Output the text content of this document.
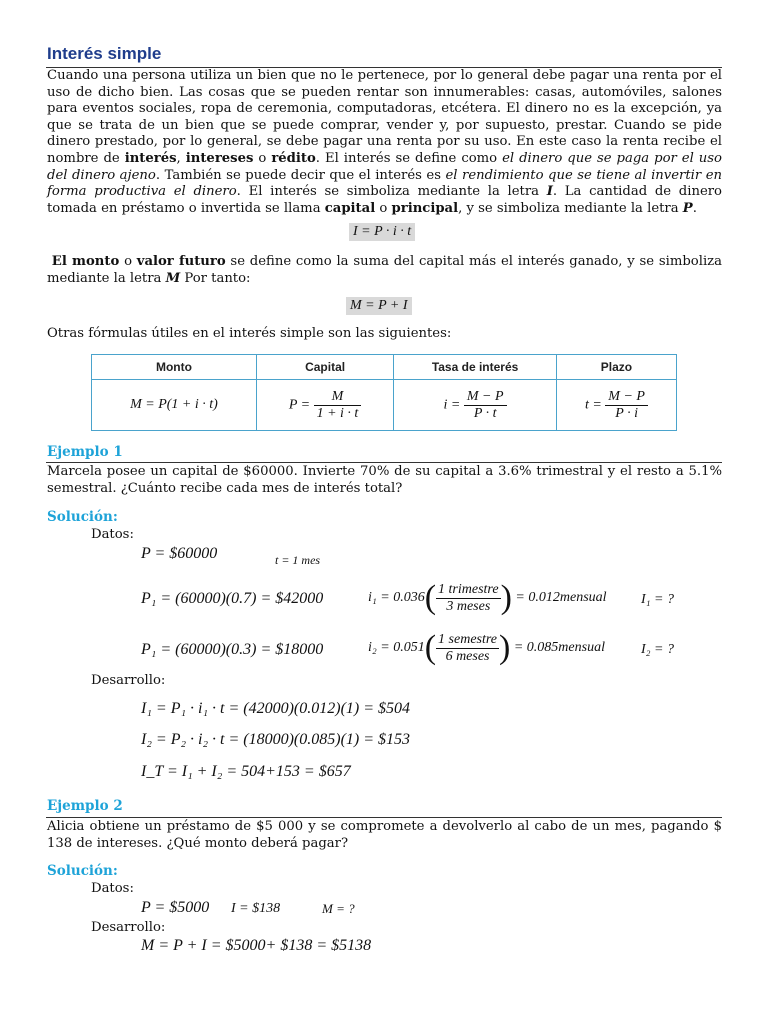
Interés simple

Cuando una persona utiliza un bien que no le pertenece, por lo general debe pagar una renta por el uso de dicho bien. Las cosas que se pueden rentar son innumerables: casas, automóviles, salones para eventos sociales, ropa de ceremonia, computadoras, etcétera. El dinero no es la excepción, ya que se trata de un bien que se puede comprar, vender y, por supuesto, prestar. Cuando se pide dinero prestado, por lo general, se debe pagar una renta por su uso. En este caso la renta recibe el nombre de interés, intereses o rédito. El interés se define como el dinero que se paga por el uso del dinero ajeno. También se puede decir que el interés es el rendimiento que se tiene al invertir en forma productiva el dinero. El interés se simboliza mediante la letra I. La cantidad de dinero tomada en préstamo o invertida se llama capital o principal, y se simboliza mediante la letra P.

I = P · i · t

El monto o valor futuro se define como la suma del capital más el interés ganado, y se simboliza mediante la letra M Por tanto:

M = P + I
Otras fórmulas útiles en el interés simple son las siguientes:
Monto	Capital	Tasa de interés	Plazo
M = P(1 + i · t)	$P = \frac{M}{1 + i \cdot t}$	$i = \frac{M - P}{P \cdot t}$	$t = \frac{M - P}{P \cdot i}$
Ejemplo 1
Marcela posee un capital de $60000. Invierte 70% de su capital a 3.6% trimestral y el resto a 5.1% semestral. ¿Cuánto recibe cada mes de interés total?
Solución:
Datos:
P = $60000	t = 1 mes
P₁ = (60000)(0.7) = $42000	$i_1 = 0.036( \frac{\text{1 trimestre}}{\text{3 meses}}$ ) = 0.012mensual I₁ = ?
P₁ = (60000)(0.3) = $18000	$i_2 = 0.051( \frac{\text{1 semestre}}{\text{6 meses}}$ ) = 0.085mensual	I₂ = ?
Desarrollo:
I₁ = P₁ · i₁ · t = (42000)(0.012)(1) = $504
I₂ = P₂ · i₂ · t = (18000)(0.085)(1) = $153
I_T = I₁ + I₂ = 504+153 = $657
Ejemplo 2
Alicia obtiene un préstamo de $5 000 y se compromete a devolverlo al cabo de un mes, pagando $ 138 de intereses. ¿Qué monto deberá pagar?
Solución:
Datos:
P = $5000 I = $138	M = ?
Desarrollo:
M = P + I = $5000+ $138 = $5138
